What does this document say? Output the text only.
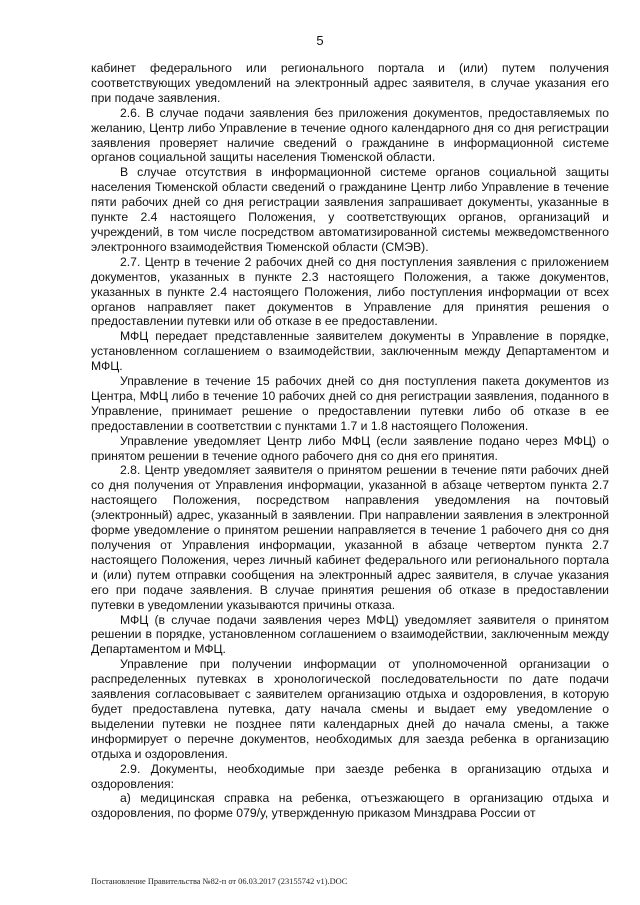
5

кабинет федерального или регионального портала и (или) путем получения соответствующих уведомлений на электронный адрес заявителя, в случае указания его при подаче заявления.

2.6. В случае подачи заявления без приложения документов, предоставляемых по желанию, Центр либо Управление в течение одного календарного дня со дня регистрации заявления проверяет наличие сведений о гражданине в информационной системе органов социальной защиты населения Тюменской области.

В случае отсутствия в информационной системе органов социальной защиты населения Тюменской области сведений о гражданине Центр либо Управление в течение пяти рабочих дней со дня регистрации заявления запрашивает документы, указанные в пункте 2.4 настоящего Положения, у соответствующих органов, организаций и учреждений, в том числе посредством автоматизированной системы межведомственного электронного взаимодействия Тюменской области (СМЭВ).

2.7. Центр в течение 2 рабочих дней со дня поступления заявления с приложением документов, указанных в пункте 2.3 настоящего Положения, а также документов, указанных в пункте 2.4 настоящего Положения, либо поступления информации от всех органов направляет пакет документов в Управление для принятия решения о предоставлении путевки или об отказе в ее предоставлении.

МФЦ передает представленные заявителем документы в Управление в порядке, установленном соглашением о взаимодействии, заключенным между Департаментом и МФЦ.

Управление в течение 15 рабочих дней со дня поступления пакета документов из Центра, МФЦ либо в течение 10 рабочих дней со дня регистрации заявления, поданного в Управление, принимает решение о предоставлении путевки либо об отказе в ее предоставлении в соответствии с пунктами 1.7 и 1.8 настоящего Положения.

Управление уведомляет Центр либо МФЦ (если заявление подано через МФЦ) о принятом решении в течение одного рабочего дня со дня его принятия.

2.8. Центр уведомляет заявителя о принятом решении в течение пяти рабочих дней со дня получения от Управления информации, указанной в абзаце четвертом пункта 2.7 настоящего Положения, посредством направления уведомления на почтовый (электронный) адрес, указанный в заявлении. При направлении заявления в электронной форме уведомление о принятом решении направляется в течение 1 рабочего дня со дня получения от Управления информации, указанной в абзаце четвертом пункта 2.7 настоящего Положения, через личный кабинет федерального или регионального портала и (или) путем отправки сообщения на электронный адрес заявителя, в случае указания его при подаче заявления. В случае принятия решения об отказе в предоставлении путевки в уведомлении указываются причины отказа.

МФЦ (в случае подачи заявления через МФЦ) уведомляет заявителя о принятом решении в порядке, установленном соглашением о взаимодействии, заключенным между Департаментом и МФЦ.

Управление при получении информации от уполномоченной организации о распределенных путевках в хронологической последовательности по дате подачи заявления согласовывает с заявителем организацию отдыха и оздоровления, в которую будет предоставлена путевка, дату начала смены и выдает ему уведомление о выделении путевки не позднее пяти календарных дней до начала смены, а также информирует о перечне документов, необходимых для заезда ребенка в организацию отдыха и оздоровления.

2.9. Документы, необходимые при заезде ребенка в организацию отдыха и оздоровления:

а) медицинская справка на ребенка, отъезжающего в организацию отдыха и оздоровления, по форме 079/у, утвержденную приказом Минздрава России от

Постановление Правительства №82-п от 06.03.2017 (23155742 v1).DOC
